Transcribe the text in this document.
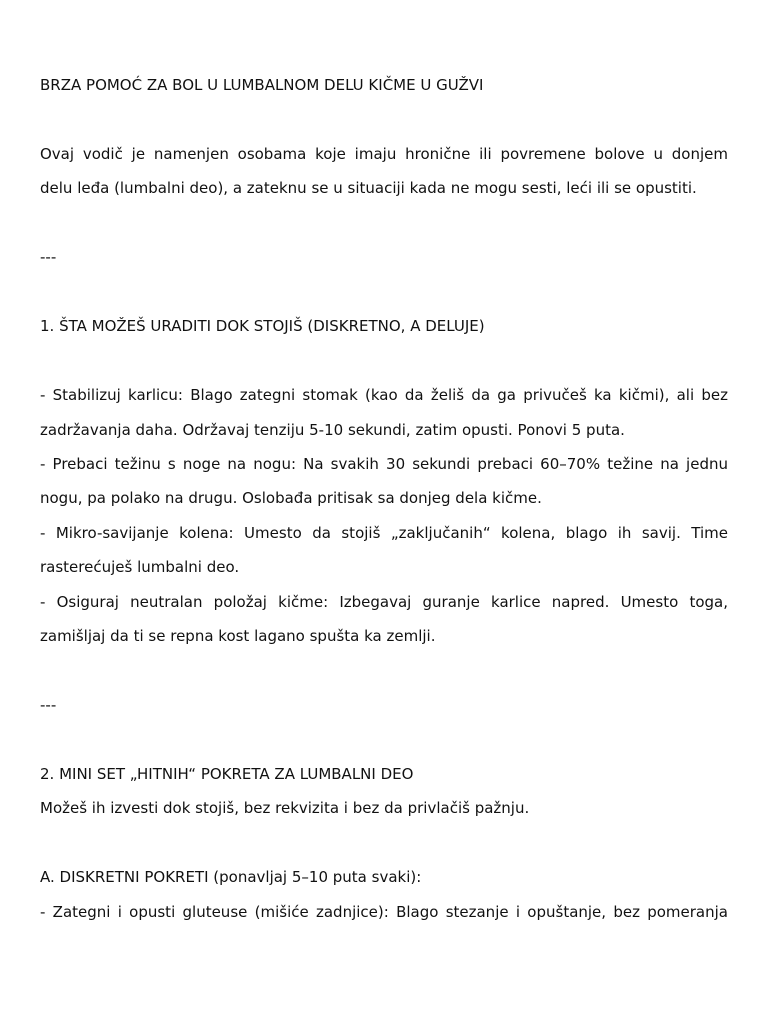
BRZA POMOĆ ZA BOL U LUMBALNOM DELU KIČME U GUŽVI
Ovaj vodič je namenjen osobama koje imaju hronične ili povremene bolove u donjem
delu leđa (lumbalni deo), a zateknu se u situaciji kada ne mogu sesti, leći ili se opustiti.
---
1. ŠTA MOŽEŠ URADITI DOK STOJIŠ (DISKRETNO, A DELUJE)
- Stabilizuj karlicu: Blago zategni stomak (kao da želiš da ga privučeš ka kičmi), ali bez
zadržavanja daha. Održavaj tenziju 5-10 sekundi, zatim opusti. Ponovi 5 puta.
- Prebaci težinu s noge na nogu: Na svakih 30 sekundi prebaci 60–70% težine na jednu
nogu, pa polako na drugu. Oslobađa pritisak sa donjeg dela kičme.
- Mikro-savijanje kolena: Umesto da stojiš „zaključanih“ kolena, blago ih savij. Time
rasterećuješ lumbalni deo.
- Osiguraj neutralan položaj kičme: Izbegavaj guranje karlice napred. Umesto toga,
zamišljaj da ti se repna kost lagano spušta ka zemlji.
---
2. MINI SET „HITNIH“ POKRETA ZA LUMBALNI DEO
Možeš ih izvesti dok stojiš, bez rekvizita i bez da privlačiš pažnju.
A. DISKRETNI POKRETI (ponavljaj 5–10 puta svaki):
- Zategni i opusti gluteuse (mišiće zadnjice): Blago stezanje i opuštanje, bez pomeranja
